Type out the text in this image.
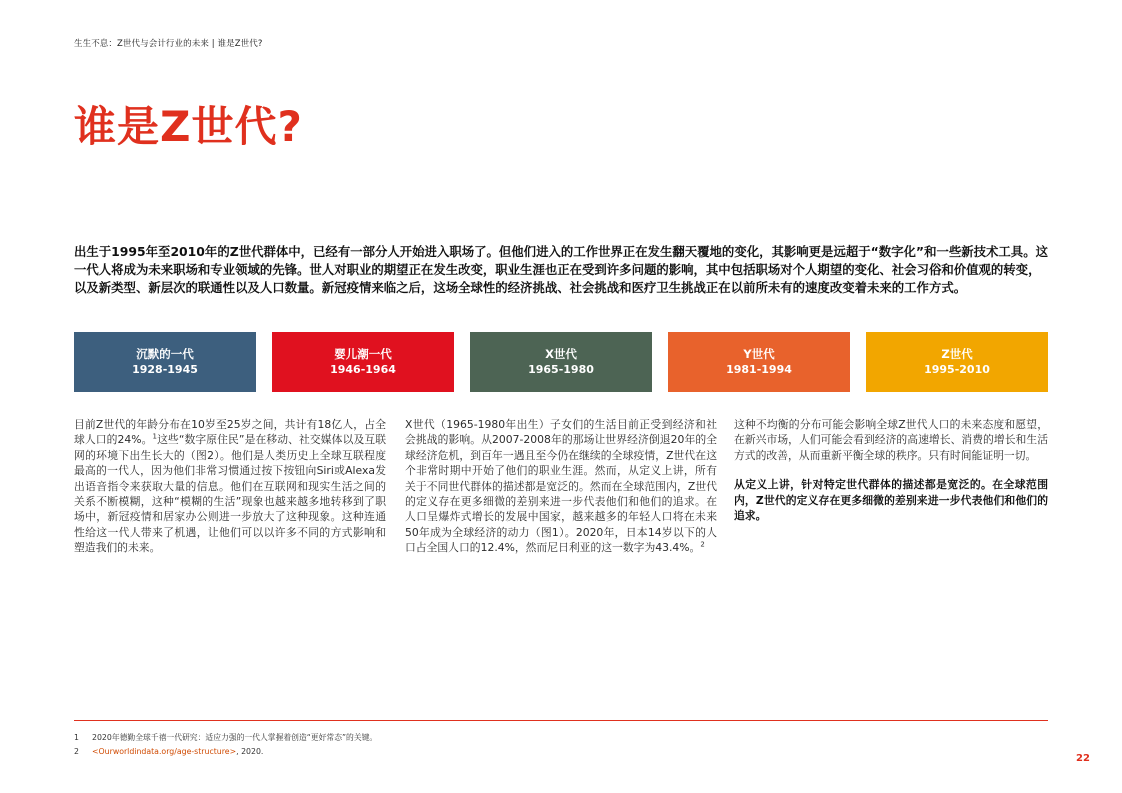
生生不息：Z世代与会计行业的未来 | 谁是Z世代?
谁是Z世代?
出生于1995年至2010年的Z世代群体中，已经有一部分人开始进入职场了。但他们进入的工作世界正在发生翻天覆地的变化，其影响更是远超于“数字化”和一些新技术工具。这一代人将成为未来职场和专业领域的先锋。世人对职业的期望正在发生改变，职业生涯也正在受到许多问题的影响，其中包括职场对个人期望的变化、社会习俗和价值观的转变，以及新类型、新层次的联通性以及人口数量。新冠疫情来临之后，这场全球性的经济挑战、社会挑战和医疗卫生挑战正在以前所未有的速度改变着未来的工作方式。
沉默的一代
1928-1945
婴儿潮一代
1946-1964
X世代
1965-1980
Y世代
1981-1994
Z世代
1995-2010

目前Z世代的年龄分布在10岁至25岁之间，共计有18亿人，占全球人口的24%。$^1$这些“数字原住民”是在移动、社交媒体以及互联网的环境下出生长大的（图2）。他们是人类历史上全球互联程度最高的一代人，因为他们非常习惯通过按下按钮向Siri或Alexa发出语音指令来获取大量的信息。他们在互联网和现实生活之间的关系不断模糊，这种“模糊的生活”现象也越来越多地转移到了职场中，新冠疫情和居家办公则进一步放大了这种现象。这种连通性给这一代人带来了机遇，让他们可以以许多不同的方式影响和塑造我们的未来。

X世代（1965-1980年出生）子女们的生活目前正受到经济和社会挑战的影响。从2007-2008年的那场让世界经济倒退20年的全球经济危机，到百年一遇且至今仍在继续的全球疫情，Z世代在这个非常时期中开始了他们的职业生涯。然而，从定义上讲，所有关于不同世代群体的描述都是宽泛的。然而在全球范围内，Z世代的定义存在更多细微的差别来进一步代表他们和他们的追求。在人口呈爆炸式增长的发展中国家，越来越多的年轻人口将在未来50年成为全球经济的动力（图1）。2020年，日本14岁以下的人口占全国人口的12.4%，然而尼日利亚的这一数字为43.4%。$^2$

这种不均衡的分布可能会影响全球Z世代人口的未来态度和愿望，在新兴市场，人们可能会看到经济的高速增长、消费的增长和生活方式的改善，从而重新平衡全球的秩序。只有时间能证明一切。

从定义上讲，针对特定世代群体的描述都是宽泛的。在全球范围内，Z世代的定义存在更多细微的差别来进一步代表他们和他们的追求。

1 2020年德勤全球千禧一代研究：适应力强的一代人掌握着创造“更好常态”的关键。
2 <Ourworldindata.org/age-structure>, 2020.
22
